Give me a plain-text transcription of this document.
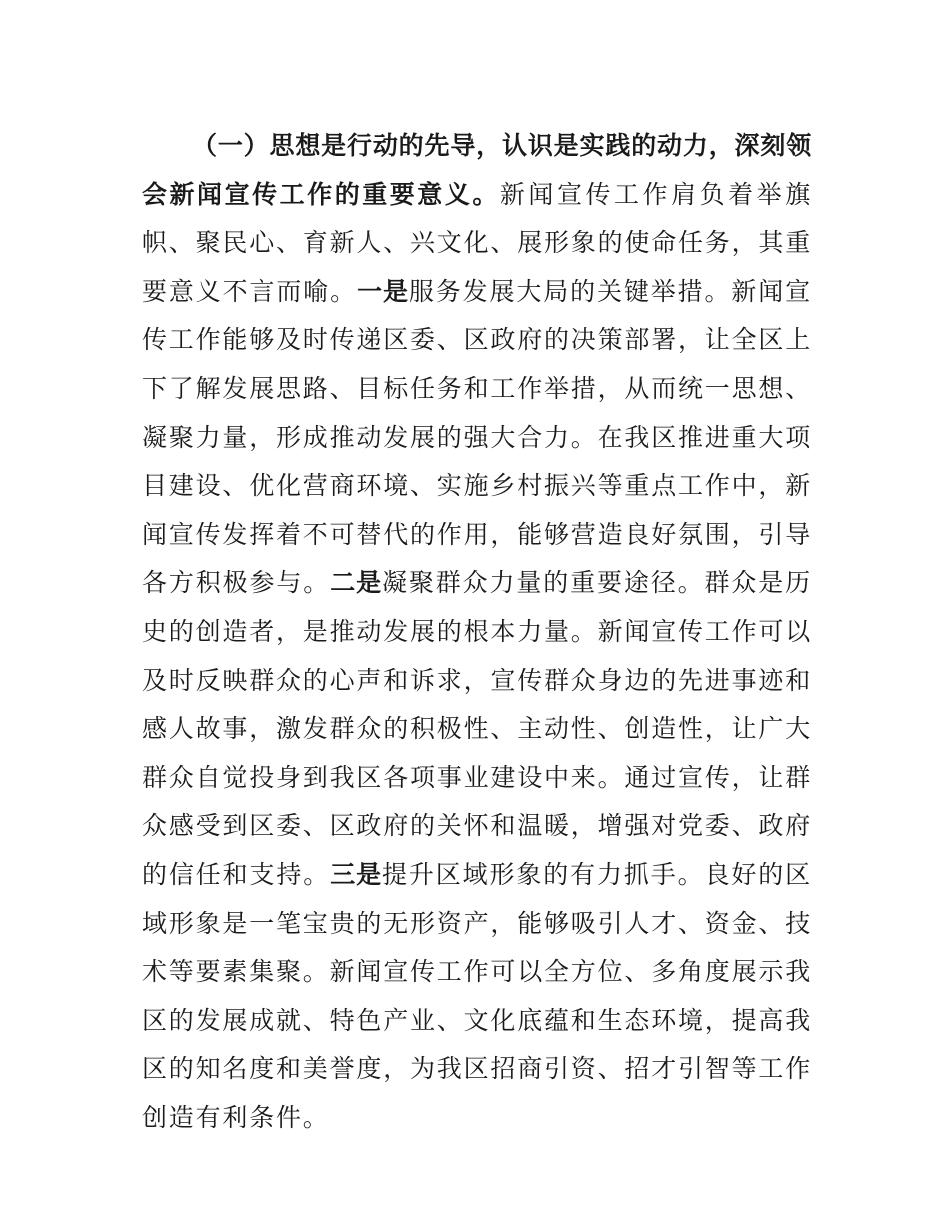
（一）思想是行动的先导，认识是实践的动力，深刻领会新闻宣传工作的重要意义。新闻宣传工作肩负着举旗帜、聚民心、育新人、兴文化、展形象的使命任务，其重要意义不言而喻。一是服务发展大局的关键举措。新闻宣传工作能够及时传递区委、区政府的决策部署，让全区上下了解发展思路、目标任务和工作举措，从而统一思想、凝聚力量，形成推动发展的强大合力。在我区推进重大项目建设、优化营商环境、实施乡村振兴等重点工作中，新闻宣传发挥着不可替代的作用，能够营造良好氛围，引导各方积极参与。二是凝聚群众力量的重要途径。群众是历史的创造者，是推动发展的根本力量。新闻宣传工作可以及时反映群众的心声和诉求，宣传群众身边的先进事迹和感人故事，激发群众的积极性、主动性、创造性，让广大群众自觉投身到我区各项事业建设中来。通过宣传，让群众感受到区委、区政府的关怀和温暖，增强对党委、政府的信任和支持。三是提升区域形象的有力抓手。良好的区域形象是一笔宝贵的无形资产，能够吸引人才、资金、技术等要素集聚。新闻宣传工作可以全方位、多角度展示我区的发展成就、特色产业、文化底蕴和生态环境，提高我区的知名度和美誉度，为我区招商引资、招才引智等工作创造有利条件。
